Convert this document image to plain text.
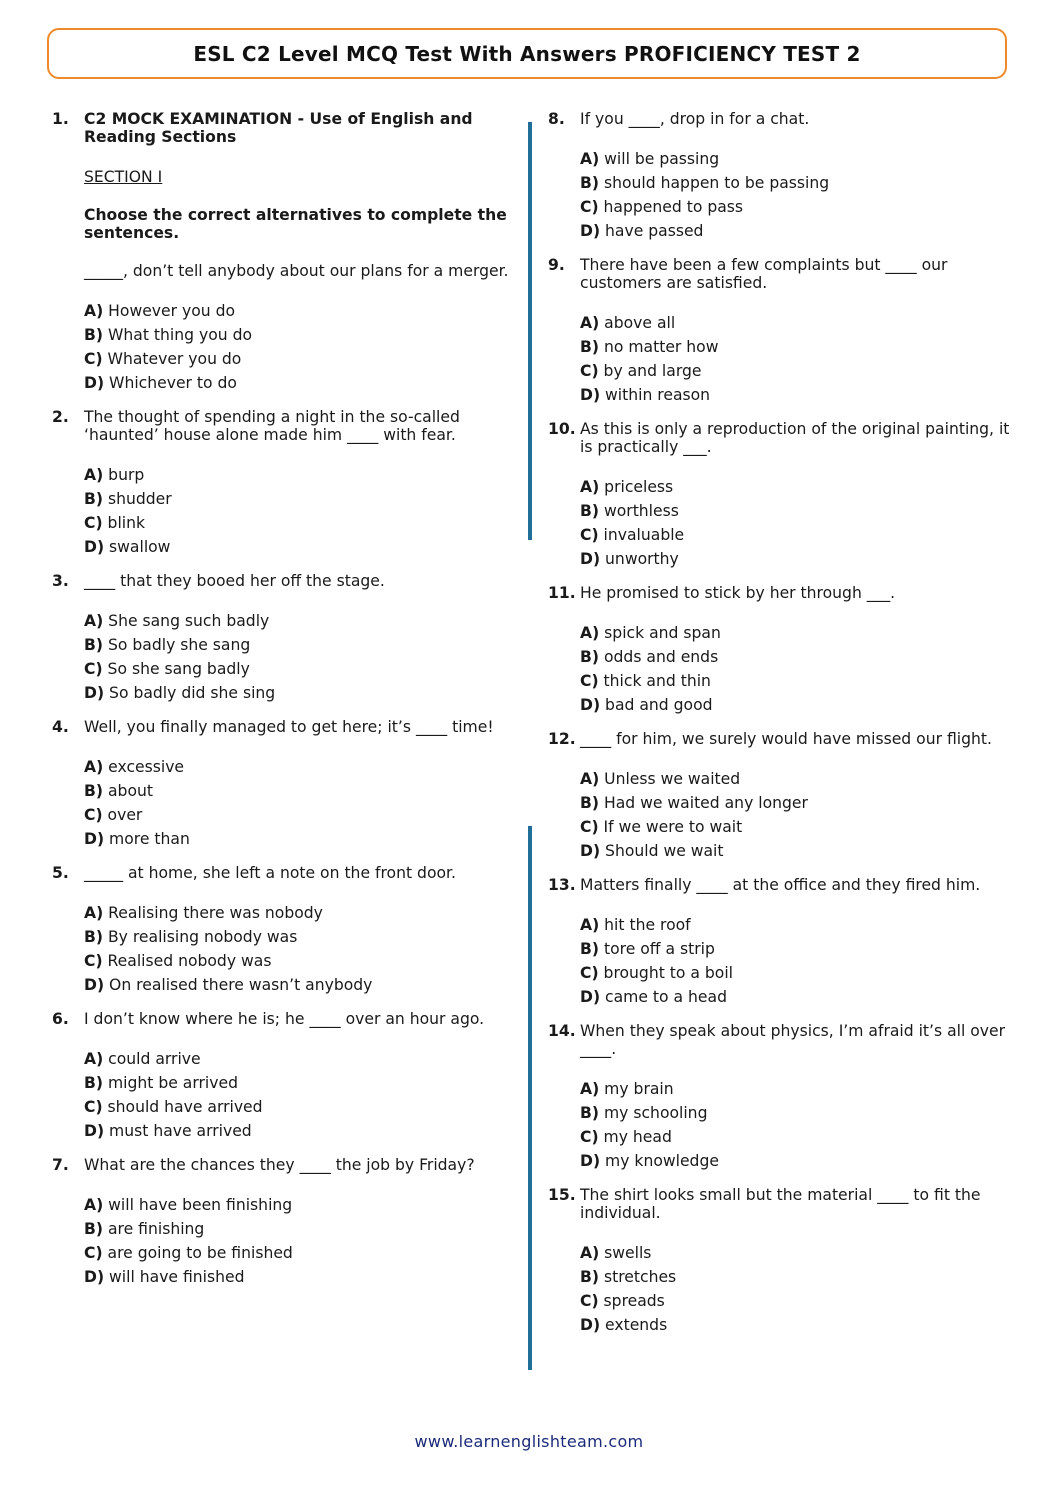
ESL C2 Level MCQ Test With Answers PROFICIENCY TEST 2
1. C2 MOCK EXAMINATION - Use of English and Reading Sections
SECTION I
Choose the correct alternatives to complete the sentences.
_____, don’t tell anybody about our plans for a merger.
A) However you do
B) What thing you do
C) Whatever you do
D) Whichever to do
2. The thought of spending a night in the so-called ‘haunted’ house alone made him ____ with fear.
A) burp
B) shudder
C) blink
D) swallow
3. ____ that they booed her off the stage.
A) She sang such badly
B) So badly she sang
C) So she sang badly
D) So badly did she sing
4. Well, you finally managed to get here; it’s ____ time!
A) excessive
B) about
C) over
D) more than
5. _____ at home, she left a note on the front door.
A) Realising there was nobody
B) By realising nobody was
C) Realised nobody was
D) On realised there wasn’t anybody
6. I don’t know where he is; he ____ over an hour ago.
A) could arrive
B) might be arrived
C) should have arrived
D) must have arrived
7. What are the chances they ____ the job by Friday?
A) will have been finishing
B) are finishing
C) are going to be finished
D) will have finished
8. If you ____, drop in for a chat.
A) will be passing
B) should happen to be passing
C) happened to pass
D) have passed
9. There have been a few complaints but ____ our customers are satisfied.
A) above all
B) no matter how
C) by and large
D) within reason
10. As this is only a reproduction of the original painting, it is practically ___.
A) priceless
B) worthless
C) invaluable
D) unworthy
11. He promised to stick by her through ___.
A) spick and span
B) odds and ends
C) thick and thin
D) bad and good
12. ____ for him, we surely would have missed our flight.
A) Unless we waited
B) Had we waited any longer
C) If we were to wait
D) Should we wait
13. Matters finally ____ at the office and they fired him.
A) hit the roof
B) tore off a strip
C) brought to a boil
D) came to a head
14. When they speak about physics, I’m afraid it’s all over ____.
A) my brain
B) my schooling
C) my head
D) my knowledge
15. The shirt looks small but the material ____ to fit the individual.
A) swells
B) stretches
C) spreads
D) extends
www.learnenglishteam.com
